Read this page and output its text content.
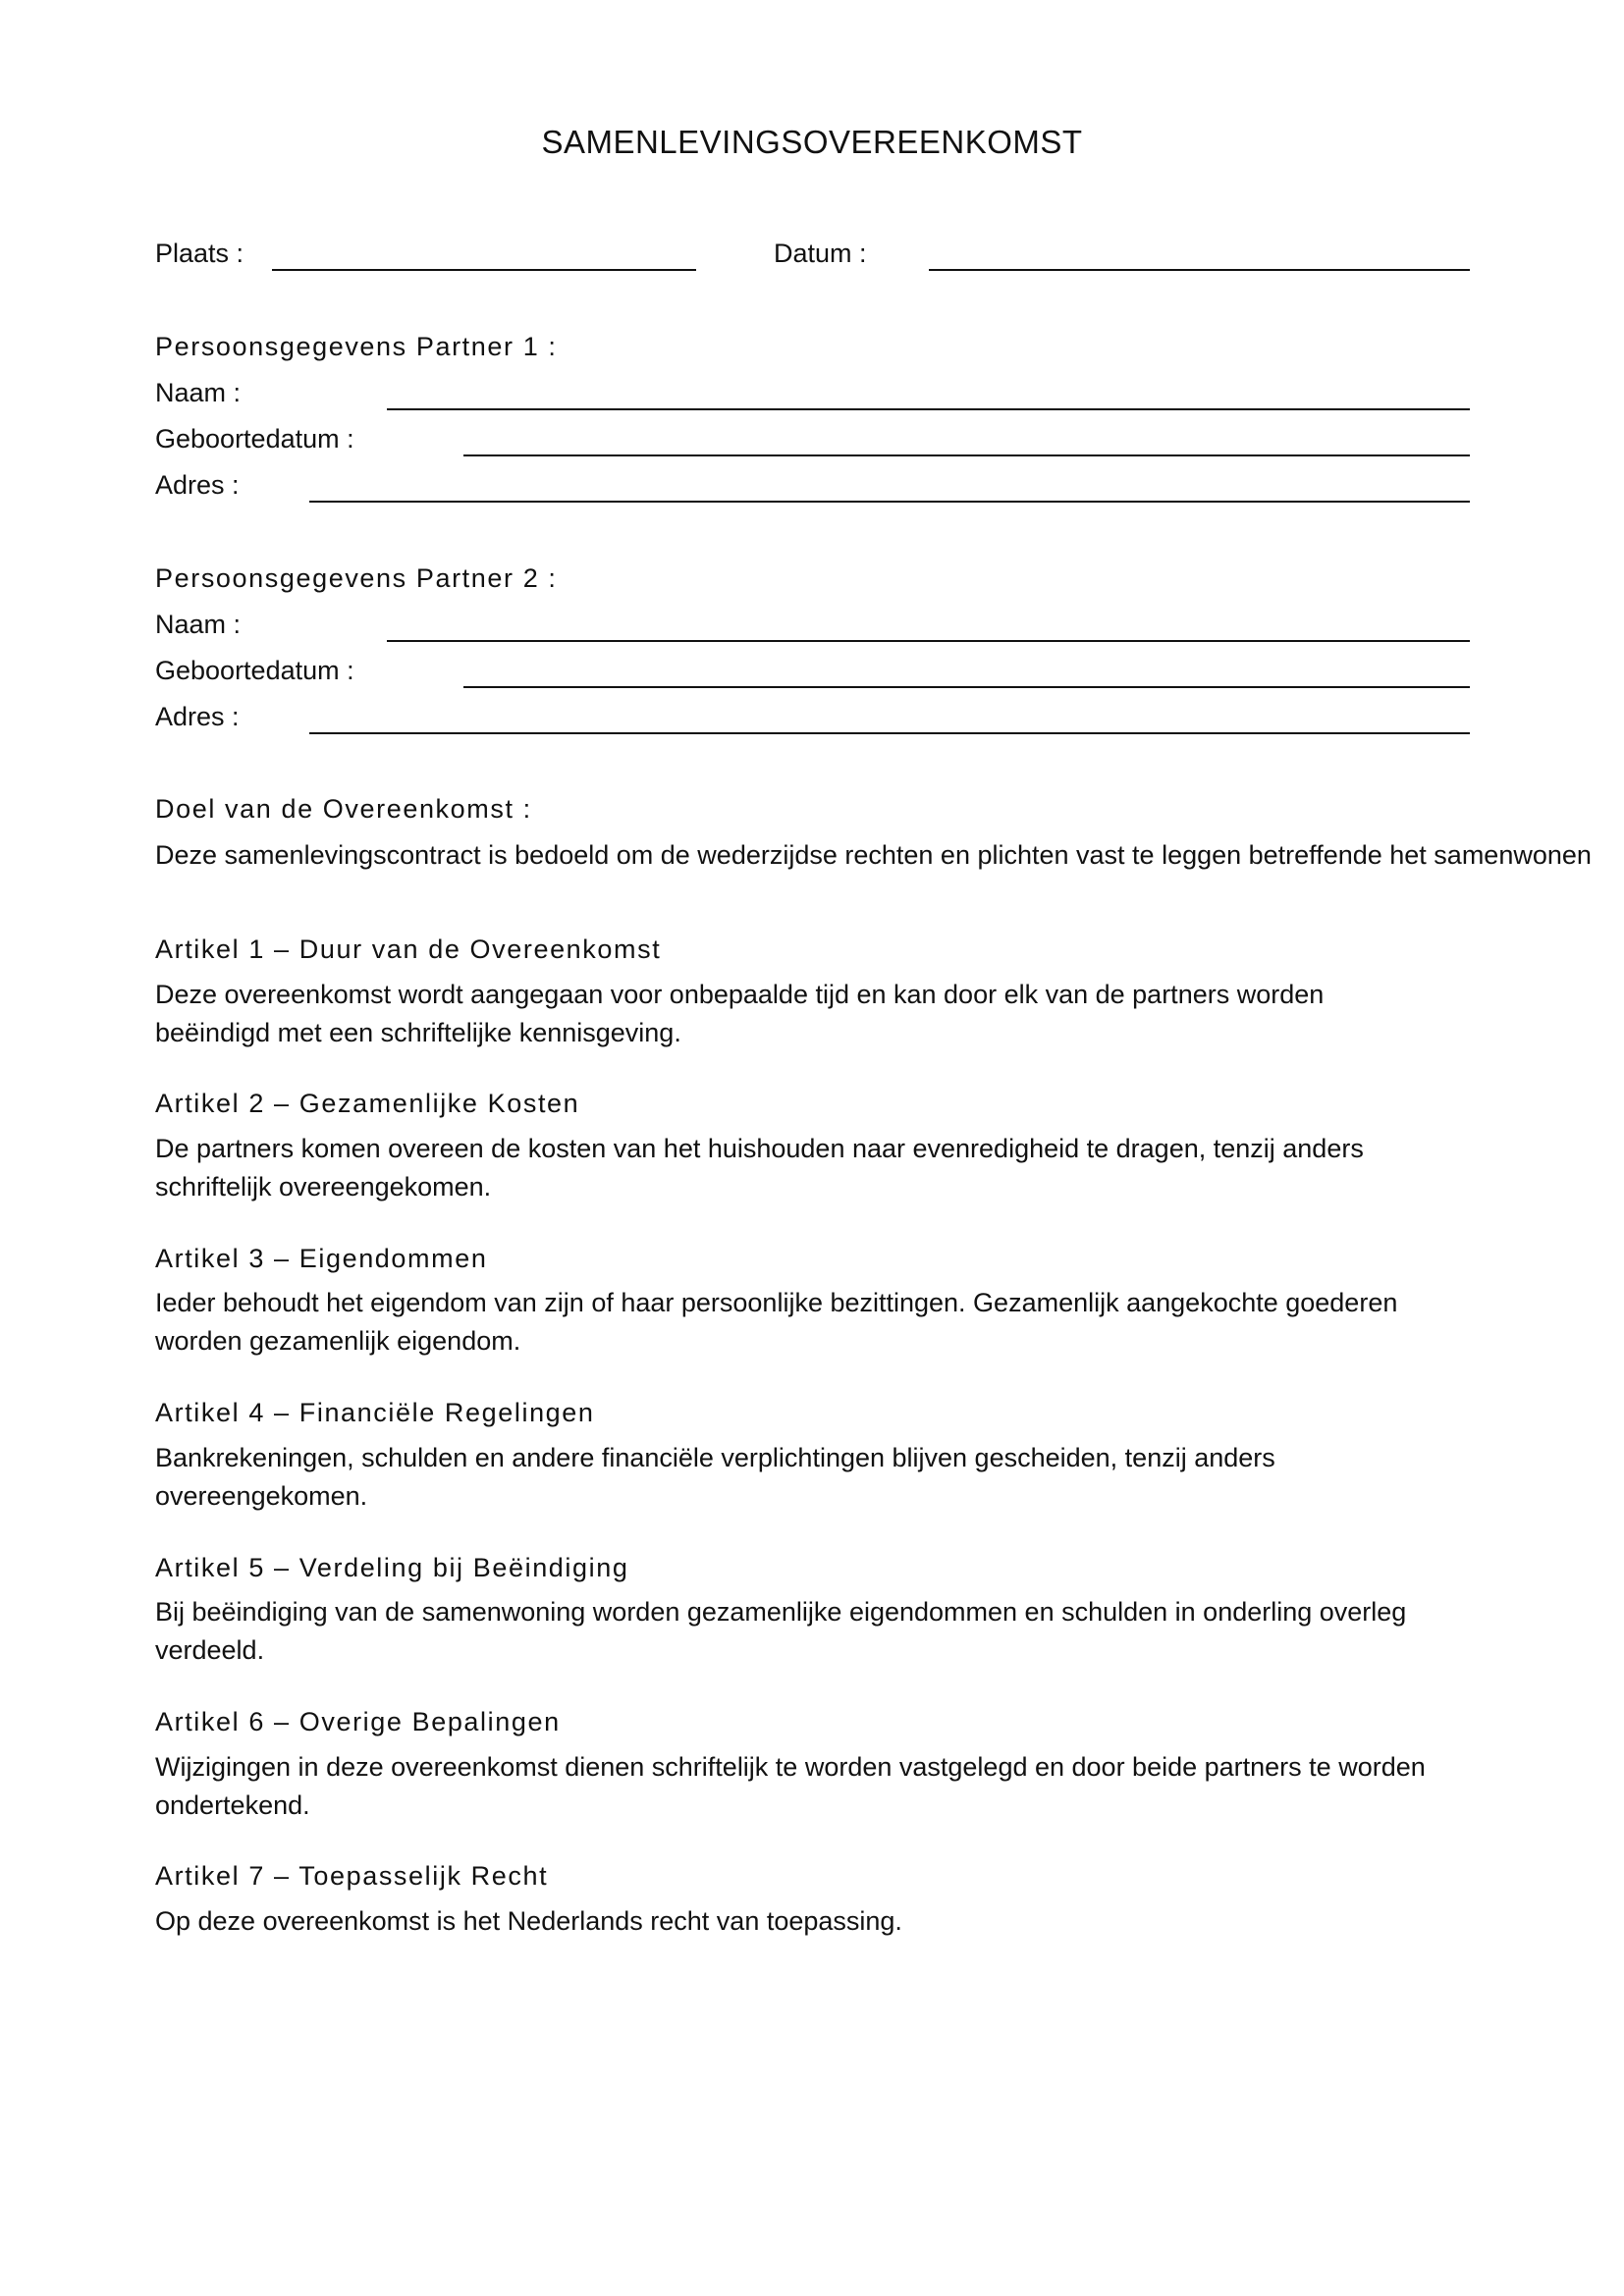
SAMENLEVINGSOVEREENKOMST
Plaats :	Datum :
Persoonsgegevens Partner 1 :
Naam :
Geboortedatum :
Adres :
Persoonsgegevens Partner 2 :
Naam :
Geboortedatum :
Adres :
Doel van de Overeenkomst :
Deze samenlevingscontract is bedoeld om de wederzijdse rechten en plichten vast te leggen betreffende het samenwonen
Artikel 1 – Duur van de Overeenkomst
Deze overeenkomst wordt aangegaan voor onbepaalde tijd en kan door elk van de partners worden
beëindigd met een schriftelijke kennisgeving.
Artikel 2 – Gezamenlijke Kosten
De partners komen overeen de kosten van het huishouden naar evenredigheid te dragen, tenzij anders
schriftelijk overeengekomen.
Artikel 3 – Eigendommen
Ieder behoudt het eigendom van zijn of haar persoonlijke bezittingen. Gezamenlijk aangekochte goederen
worden gezamenlijk eigendom.
Artikel 4 – Financiële Regelingen
Bankrekeningen, schulden en andere financiële verplichtingen blijven gescheiden, tenzij anders
overeengekomen.
Artikel 5 – Verdeling bij Beëindiging
Bij beëindiging van de samenwoning worden gezamenlijke eigendommen en schulden in onderling overleg
verdeeld.
Artikel 6 – Overige Bepalingen
Wijzigingen in deze overeenkomst dienen schriftelijk te worden vastgelegd en door beide partners te worden
ondertekend.
Artikel 7 – Toepasselijk Recht
Op deze overeenkomst is het Nederlands recht van toepassing.
